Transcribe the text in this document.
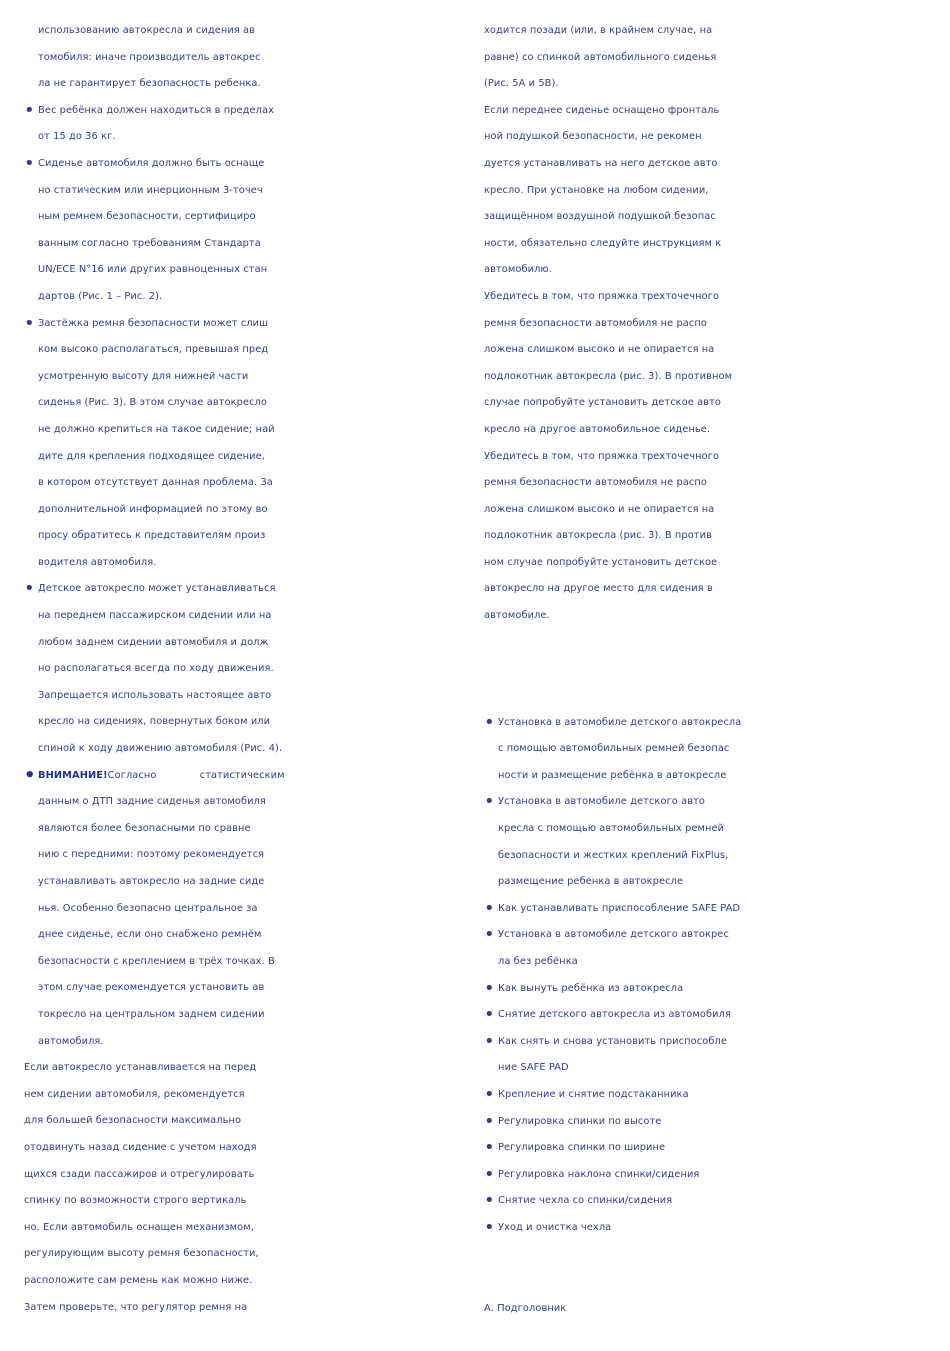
использованию автокресла и сидения ав
томобиля: иначе производитель автокрес
ла не гарантирует безопасность ребенка.
• Вес ребёнка должен находиться в пределах
от 15 до 36 кг.
• Сиденье автомобиля должно быть оснаще
но статическим или инерционным 3-точеч
ным ремнем безопасности, сертифициро
ванным согласно требованиям Стандарта
UN/ECE N°16 или других равноценных стан
дартов (Рис. 1 – Рис. 2).
• Застёжка ремня безопасности может слиш
ком высоко располагаться, превышая пред
усмотренную высоту для нижней части
сиденья (Рис. 3). В этом случае автокресло
не должно крепиться на такое сидение; най
дите для крепления подходящее сидение,
в котором отсутствует данная проблема. За
дополнительной информацией по этому во
просу обратитесь к представителям произ
водителя автомобиля.
• Детское автокресло может устанавливаться
на переднем пассажирском сидении или на
любом заднем сидении автомобиля и долж
но располагаться всегда по ходу движения.
Запрещается использовать настоящее авто
кресло на сидениях, повернутых боком или
спиной к ходу движению автомобиля (Рис. 4).
• ВНИМАНИЕ!Согласно статистическим
данным о ДТП задние сиденья автомобиля
являются более безопасными по сравне
нию с передними: поэтому рекомендуется
устанавливать автокресло на задние сиде
нья. Особенно безопасно центральное за
днее сиденье, если оно снабжено ремнём
безопасности с креплением в трёх точках. В
этом случае рекомендуется установить ав
токресло на центральном заднем сидении
автомобиля.
Если автокресло устанавливается на перед
нем сидении автомобиля, рекомендуется
для большей безопасности максимально
отодвинуть назад сидение с учетом находя
щихся сзади пассажиров и отрегулировать
спинку по возможности строго вертикаль
но. Если автомобиль оснащен механизмом,
регулирующим высоту ремня безопасности,
расположите сам ремень как можно ниже.
Затем проверьте, что регулятор ремня на
ходится позади (или, в крайнем случае, на
равне) со спинкой автомобильного сиденья
(Рис. 5А и 5В).
Если переднее сиденье оснащено фронталь
ной подушкой безопасности, не рекомен
дуется устанавливать на него детское авто
кресло. При установке на любом сидении,
защищённом воздушной подушкой безопас
ности, обязательно следуйте инструкциям к
автомобилю.
Убедитесь в том, что пряжка трехточечного
ремня безопасности автомобиля не распо
ложена слишком высоко и не опирается на
подлокотник автокресла (рис. 3). В противном
случае попробуйте установить детское авто
кресло на другое автомобильное сиденье.
Убедитесь в том, что пряжка трехточечного
ремня безопасности автомобиля не распо
ложена слишком высоко и не опирается на
подлокотник автокресла (рис. 3). В против
ном случае попробуйте установить детское
автокресло на другое место для сидения в
автомобиле.
• Установка в автомобиле детского автокресла
с помощью автомобильных ремней безопас
ности и размещение ребёнка в автокресле
• Установка в автомобиле детского авто
кресла с помощью автомобильных ремней
безопасности и жестких креплений FixPlus,
размещение ребенка в автокресле
• Как устанавливать приспособление SAFE PAD
• Установка в автомобиле детского автокрес
ла без ребёнка
• Как вынуть ребёнка из автокресла
• Снятие детского автокресла из автомобиля
• Как снять и снова установить приспособле
ние SAFE PAD
• Крепление и снятие подстаканника
• Регулировка спинки по высоте
• Регулировка спинки по ширине
• Регулировка наклона спинки/сидения
• Снятие чехла со спинки/сидения
• Уход и очистка чехла
А. Подголовник
